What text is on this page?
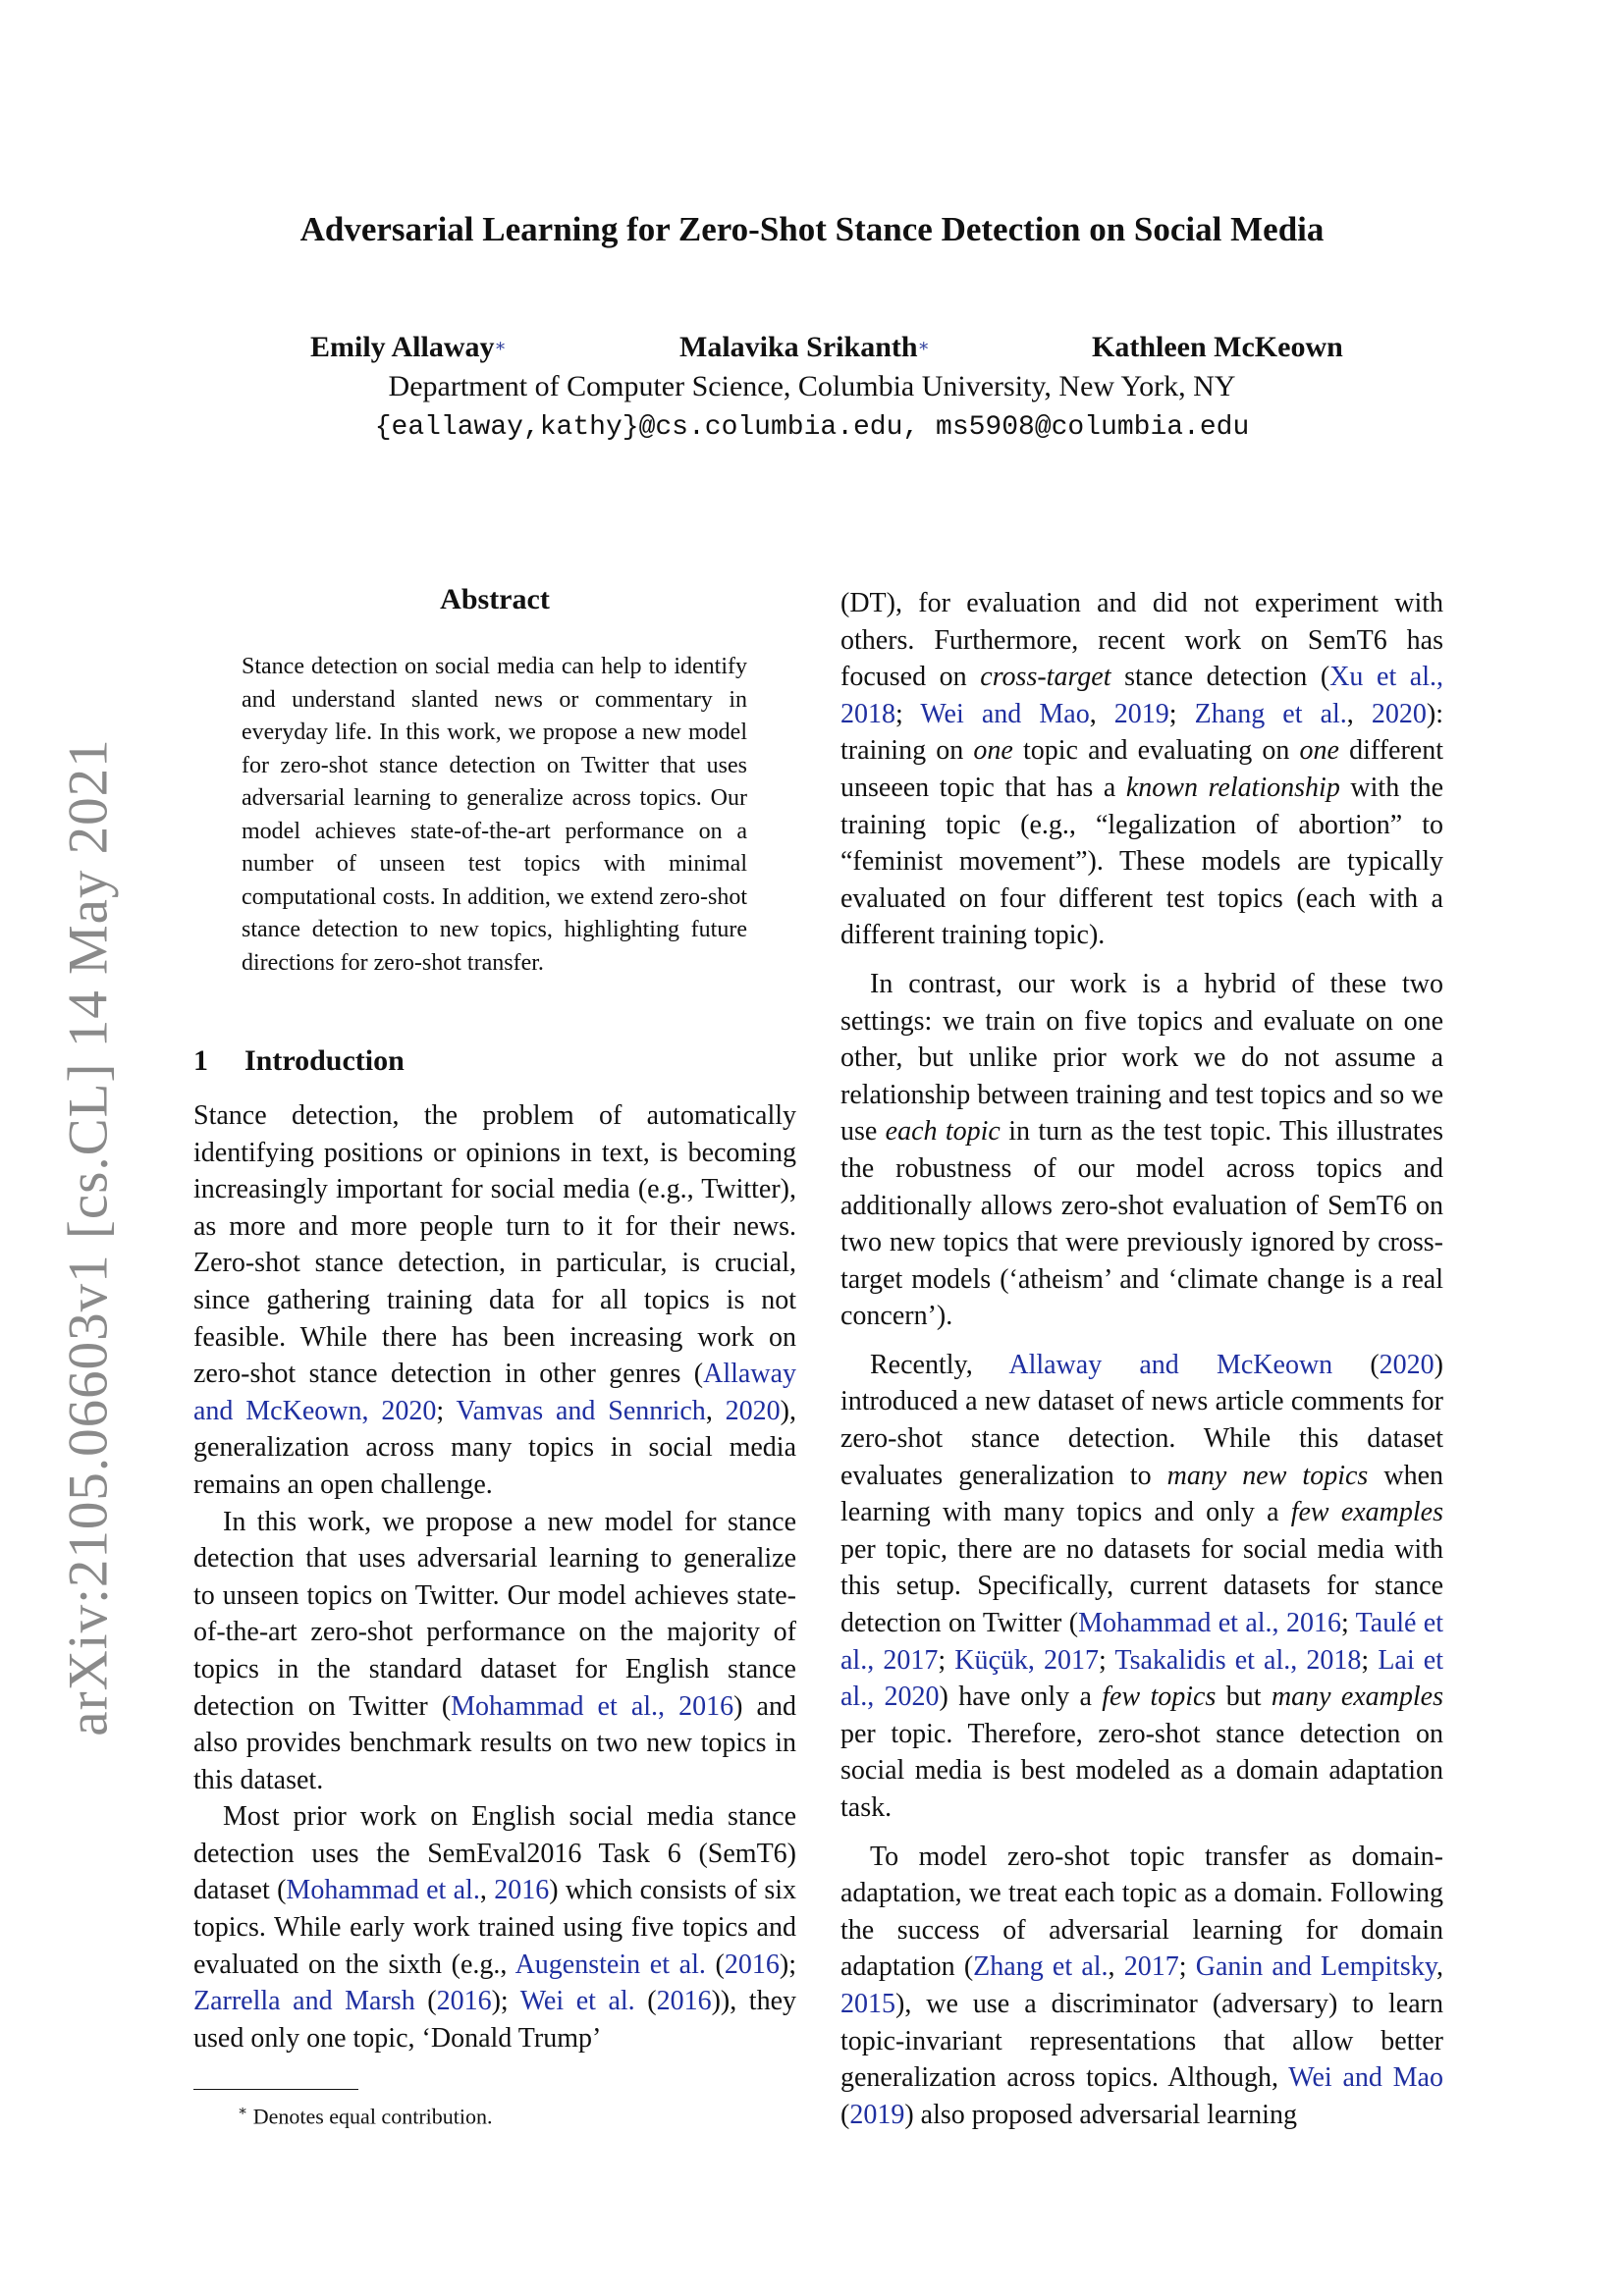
arXiv:2105.06603v1 [cs.CL] 14 May 2021
Adversarial Learning for Zero-Shot Stance Detection on Social Media
Emily Allaway∗	Malavika Srikanth∗	Kathleen McKeown
Department of Computer Science, Columbia University, New York, NY
{eallaway,kathy}@cs.columbia.edu, ms5908@columbia.edu
Abstract

Stance detection on social media can help to identify and understand slanted news or commentary in everyday life. In this work, we propose a new model for zero-shot stance detection on Twitter that uses adversarial learning to generalize across topics. Our model achieves state-of-the-art performance on a number of unseen test topics with minimal computational costs. In addition, we extend zero-shot stance detection to new topics, highlighting future directions for zero-shot transfer.

1 Introduction

Stance detection, the problem of automatically identifying positions or opinions in text, is becoming increasingly important for social media (e.g., Twitter), as more and more people turn to it for their news. Zero-shot stance detection, in particular, is crucial, since gathering training data for all topics is not feasible. While there has been increasing work on zero-shot stance detection in other genres (Allaway and McKeown, 2020; Vamvas and Sennrich, 2020), generalization across many topics in social media remains an open challenge.

In this work, we propose a new model for stance detection that uses adversarial learning to generalize to unseen topics on Twitter. Our model achieves state-of-the-art zero-shot performance on the majority of topics in the standard dataset for English stance detection on Twitter (Mohammad et al., 2016) and also provides benchmark results on two new topics in this dataset.

Most prior work on English social media stance detection uses the SemEval2016 Task 6 (SemT6) dataset (Mohammad et al., 2016) which consists of six topics. While early work trained using five topics and evaluated on the sixth (e.g., Augenstein et al. (2016); Zarrella and Marsh (2016); Wei et al. (2016)), they used only one topic, ‘Donald Trump’

∗ Denotes equal contribution.

(DT), for evaluation and did not experiment with others. Furthermore, recent work on SemT6 has focused on cross-target stance detection (Xu et al., 2018; Wei and Mao, 2019; Zhang et al., 2020): training on one topic and evaluating on one different unseeen topic that has a known relationship with the training topic (e.g., “legalization of abortion” to “feminist movement”). These models are typically evaluated on four different test topics (each with a different training topic).

In contrast, our work is a hybrid of these two settings: we train on five topics and evaluate on one other, but unlike prior work we do not assume a relationship between training and test topics and so we use each topic in turn as the test topic. This illustrates the robustness of our model across topics and additionally allows zero-shot evaluation of SemT6 on two new topics that were previously ignored by cross-target models (‘atheism’ and ‘climate change is a real concern’).

Recently, Allaway and McKeown (2020) introduced a new dataset of news article comments for zero-shot stance detection. While this dataset evaluates generalization to many new topics when learning with many topics and only a few examples per topic, there are no datasets for social media with this setup. Specifically, current datasets for stance detection on Twitter (Mohammad et al., 2016; Taulé et al., 2017; Küçük, 2017; Tsakalidis et al., 2018; Lai et al., 2020) have only a few topics but many examples per topic. Therefore, zero-shot stance detection on social media is best modeled as a domain adaptation task.

To model zero-shot topic transfer as domain-adaptation, we treat each topic as a domain. Following the success of adversarial learning for domain adaptation (Zhang et al., 2017; Ganin and Lempitsky, 2015), we use a discriminator (adversary) to learn topic-invariant representations that allow better generalization across topics. Although, Wei and Mao (2019) also proposed adversarial learning
